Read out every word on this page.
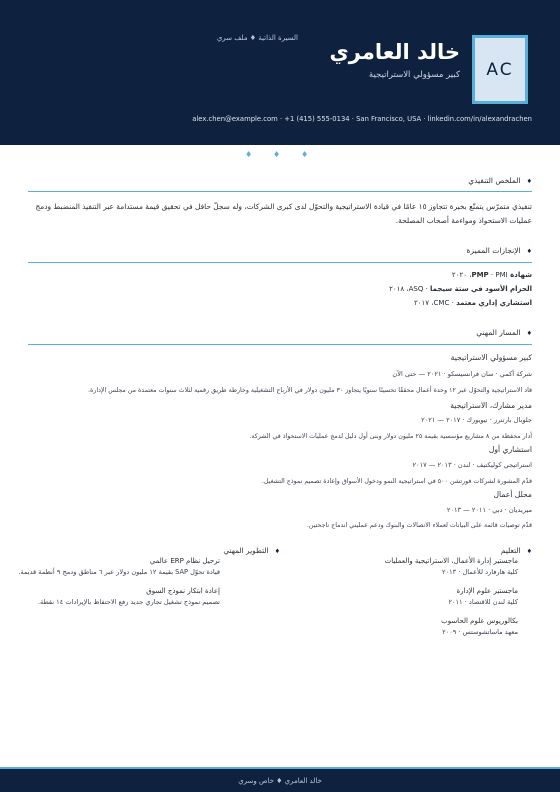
السيرة الذاتية ♦ ملف سري
خالد العامري
كبير مسؤولي الاستراتيجية AC
alex.chen@example.com · +1 (415) 555-0134 · San Francisco, USA · linkedin.com/in/alexandrachen
♦	♦	♦
♦الملخص التنفيذي
تنفيذي متمرّس يتمتّع بخبرة تتجاوز ١٥ عامًا في قيادة الاستراتيجية والتحوّل لدى كبرى الشركات، وله سجلّ حافل في تحقيق قيمة مستدامة عبر التنفيذ المنضبط ودمج عمليات الاستحواذ ومواءمة أصحاب المصلحة.
♦الإنجازات المميزة
شهادة PMP · PMI، ٢٠٢٠
الحزام الأسود في ستة سيجما · ASQ، ٢٠١٨
استشاري إداري معتمد · CMC، ٢٠١٧
♦المسار المهني
كبير مسؤولي الاستراتيجية
شركة أكمي · سان فرانسيسكو · ٢٠٢١ — حتى الآن
قاد الاستراتيجية والتحوّل عبر ١٢ وحدة أعمال محققًا تحسينًا سنويًا يتجاوز ٣٠ مليون دولار في الأرباح التشغيلية وخارطة طريق رقمية لثلاث سنوات معتمدة من مجلس الإدارة.
مدير مشارك، الاستراتيجية
جلوبال بارتنرز · نيويورك · ٢٠١٧ — ٢٠٢١
أدار محفظة من ٨ مشاريع مؤسسية بقيمة ٢٥ مليون دولار وبنى أول دليل لدمج عمليات الاستحواذ في الشركة.
استشاري أول
استراتيجي كوليكتيف · لندن · ٢٠١٣ — ٢٠١٧
قدّم المشورة لشركات فورتشن ٥٠٠ في استراتيجية النمو ودخول الأسواق وإعادة تصميم نموذج التشغيل.
محلل أعمال
ميريديان · دبي · ٢٠١١ — ٢٠١٣
قدّم توصيات قائمة على البيانات لعملاء الاتصالات والبنوك ودعم عمليتي اندماج ناجحتين.
♦التعليم
ماجستير إدارة الأعمال، الاستراتيجية والعمليات
كلية هارفارد للأعمال · ٢٠١٣
ماجستير علوم الإدارة
كلية لندن للاقتصاد · ٢٠١١
بكالوريوس علوم الحاسوب
معهد ماساتشوستس · ٢٠٠٩
♦التطوير المهني
ترحيل نظام ERP عالمي
قيادة تحوّل SAP بقيمة ١٢ مليون دولار عبر ٦ مناطق ودمج ٩ أنظمة قديمة.
إعادة ابتكار نموذج السوق
تصميم نموذج تشغيل تجاري جديد رفع الاحتفاظ بالإيرادات ١٤ نقطة.
خالد العامري ♦ خاص وسري
